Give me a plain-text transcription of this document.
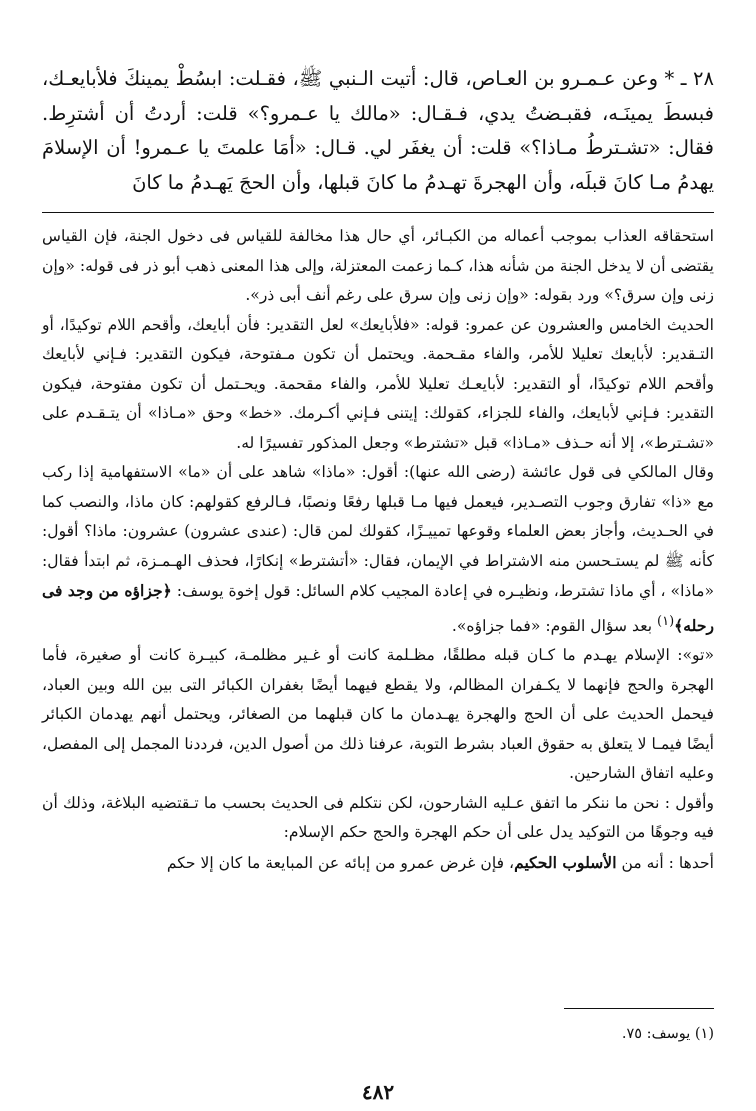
٢٨ ـ * وعن عـمـرو بن العـاص، قال: أتيت الـنبي ﷺ، فقـلت: ابسُطْ يمينكَ فلأبايعـك، فبسطَ يمينَـه، فقبـضتُ يدي، فـقـال: «مالك يا عـمرو؟» قلت: أردتُ أن أشترِط. فقال: «تشـترطُ مـاذا؟» قلت: أن يغفَر لي. قـال: «أمَا علمتَ يا عـمرو! أن الإسلامَ يهدمُ مـا كانَ قبلَه، وأن الهجرةَ تهـدمُ ما كانَ قبلها، وأن الحجَ يَهـدمُ ما كانَ

استحقاقه العذاب بموجب أعماله من الكبـائر، أي حال هذا مخالفة للقياس فى دخول الجنة، فإن القياس يقتضى أن لا يدخل الجنة من شأنه هذا، كـما زعمت المعتزلة، وإلى هذا المعنى ذهب أبو ذر فى قوله: «وإن زنى وإن سرق؟» ورد بقوله: «وإن زنى وإن سرق على رغم أنف أبى ذر».

الحديث الخامس والعشرون عن عمرو: قوله: «فلأبايعك» لعل التقدير: فأن أبايعك، وأقحم اللام توكيدًا، أو التـقدير: لأبايعك تعليلا للأمر، والفاء مقـحمة. ويحتمل أن تكون مـفتوحة، فيكون التقدير: فـإني لأبايعك وأقحم اللام توكيدًا، أو التقدير: لأبايعـك تعليلا للأمر، والفاء مقحمة. ويحـتمل أن تكون مفتوحة، فيكون التقدير: فـإني لأبايعك، والفاء للجزاء، كقولك: إيتنى فـإني أكـرمك. «خط» وحق «مـاذا» أن يتـقـدم على «تشـترط»، إلا أنه حـذف «مـاذا» قبل «تشترط» وجعل المذكور تفسيرًا له.

وقال المالكي فى قول عائشة (رضى الله عنها): أقول: «ماذا» شاهد على أن «ما» الاستفهامية إذا ركب مع «ذا» تفارق وجوب التصـدير، فيعمل فيها مـا قبلها رفعًا ونصبًا، فـالرفع كقولهم: كان ماذا، والنصب كما في الحـديث، وأجاز بعض العلماء وقوعها تمييـزًا، كقولك لمن قال: (عندى عشرون) عشرون: ماذا؟ أقول: كأنه ﷺ لم يستـحسن منه الاشتراط في الإيمان، فقال: «أتشترط» إنكارًا، فحذف الهـمـزة، ثم ابتدأ فقال: «ماذا» ، أي ماذا تشترط، ونظيـره في إعادة المجيب كلام السائل: قول إخوة يوسف: ﴿جزاؤه من وجد فى رحله﴾$^{(١)}$ بعد سؤال القوم: «فما جزاؤه».

«تو»: الإسلام يهـدم ما كـان قبله مطلقًا، مظـلمة كانت أو غـير مظلمـة، كبيـرة كانت أو صغيرة، فأما الهجرة والحج فإنهما لا يكـفران المظالم، ولا يقطع فيهما أيضًا بغفران الكبائر التى بين الله وبين العباد، فيحمل الحديث على أن الحج والهجرة يهـدمان ما كان قبلهما من الصغائر، ويحتمل أنهم يهدمان الكبائر أيضًا فيمـا لا يتعلق به حقوق العباد بشرط التوبة، عرفنا ذلك من أصول الدين، فرددنا المجمل إلى المفصل، وعليه اتفاق الشارحين.

وأقول : نحن ما ننكر ما اتفق عـليه الشارحون، لكن نتكلم فى الحديث بحسب ما تـقتضيه البلاغة، وذلك أن فيه وجوهًا من التوكيد يدل على أن حكم الهجرة والحج حكم الإسلام:

أحدها : أنه من الأسلوب الحكيم، فإن غرض عمرو من إبائه عن المبايعة ما كان إلا حكم

(١) يوسف: ٧٥.
٤٨٢
